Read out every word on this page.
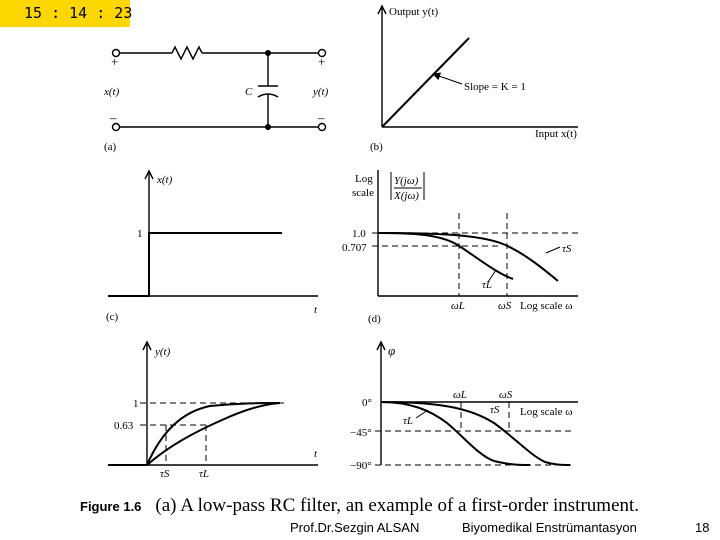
15 : 14 : 23
+
–
+
–
x(t)	C	y(t)
(a)
Output y(t)
Input x(t)
Slope = K = 1
(b)
x(t)
1
t
(c)
Log
scale
Y(jω)
X(jω)
1.0
0.707	τS
τL
ωL	ωS Log scale ω
(d)
y(t)
1
0.63
τS	τL
t
φ
0°
−45°
−90°
ωL	ωS
τS Log scale ω
τL
Figure 1.6 (a) A low-pass RC filter, an example of a first-order instrument.
Prof.Dr.Sezgin ALSAN	Biyomedikal Enstrümantasyon	18
